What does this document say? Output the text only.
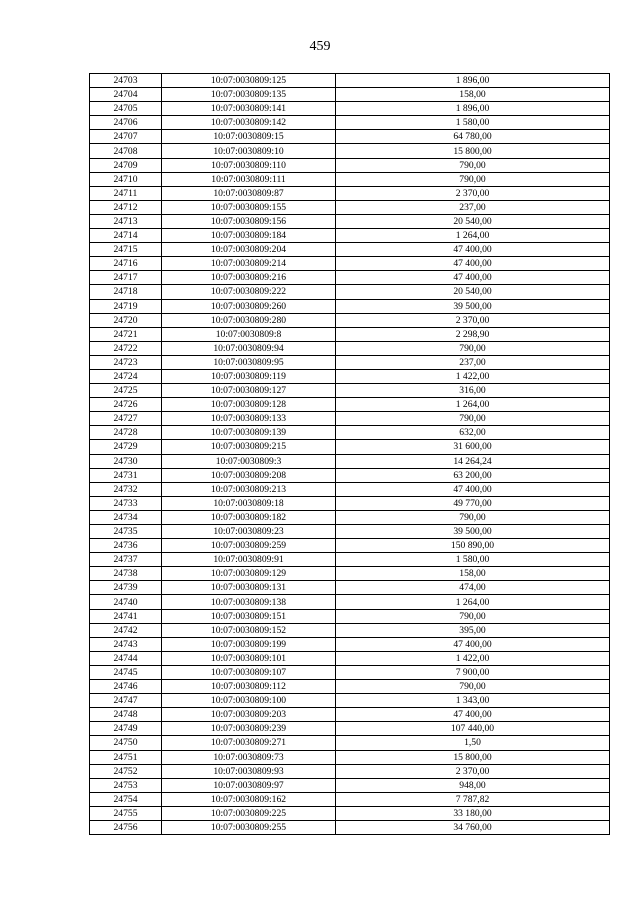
459
24703	10:07:0030809:125	1 896,00
24704	10:07:0030809:135	158,00
24705	10:07:0030809:141	1 896,00
24706	10:07:0030809:142	1 580,00
24707	10:07:0030809:15	64 780,00
24708	10:07:0030809:10	15 800,00
24709	10:07:0030809:110	790,00
24710	10:07:0030809:111	790,00
24711	10:07:0030809:87	2 370,00
24712	10:07:0030809:155	237,00
24713	10:07:0030809:156	20 540,00
24714	10:07:0030809:184	1 264,00
24715	10:07:0030809:204	47 400,00
24716	10:07:0030809:214	47 400,00
24717	10:07:0030809:216	47 400,00
24718	10:07:0030809:222	20 540,00
24719	10:07:0030809:260	39 500,00
24720	10:07:0030809:280	2 370,00
24721	10:07:0030809:8	2 298,90
24722	10:07:0030809:94	790,00
24723	10:07:0030809:95	237,00
24724	10:07:0030809:119	1 422,00
24725	10:07:0030809:127	316,00
24726	10:07:0030809:128	1 264,00
24727	10:07:0030809:133	790,00
24728	10:07:0030809:139	632,00
24729	10:07:0030809:215	31 600,00
24730	10:07:0030809:3	14 264,24
24731	10:07:0030809:208	63 200,00
24732	10:07:0030809:213	47 400,00
24733	10:07:0030809:18	49 770,00
24734	10:07:0030809:182	790,00
24735	10:07:0030809:23	39 500,00
24736	10:07:0030809:259	150 890,00
24737	10:07:0030809:91	1 580,00
24738	10:07:0030809:129	158,00
24739	10:07:0030809:131	474,00
24740	10:07:0030809:138	1 264,00
24741	10:07:0030809:151	790,00
24742	10:07:0030809:152	395,00
24743	10:07:0030809:199	47 400,00
24744	10:07:0030809:101	1 422,00
24745	10:07:0030809:107	7 900,00
24746	10:07:0030809:112	790,00
24747	10:07:0030809:100	1 343,00
24748	10:07:0030809:203	47 400,00
24749	10:07:0030809:239	107 440,00
24750	10:07:0030809:271	1,50
24751	10:07:0030809:73	15 800,00
24752	10:07:0030809:93	2 370,00
24753	10:07:0030809:97	948,00
24754	10:07:0030809:162	7 787,82
24755	10:07:0030809:225	33 180,00
24756	10:07:0030809:255	34 760,00
